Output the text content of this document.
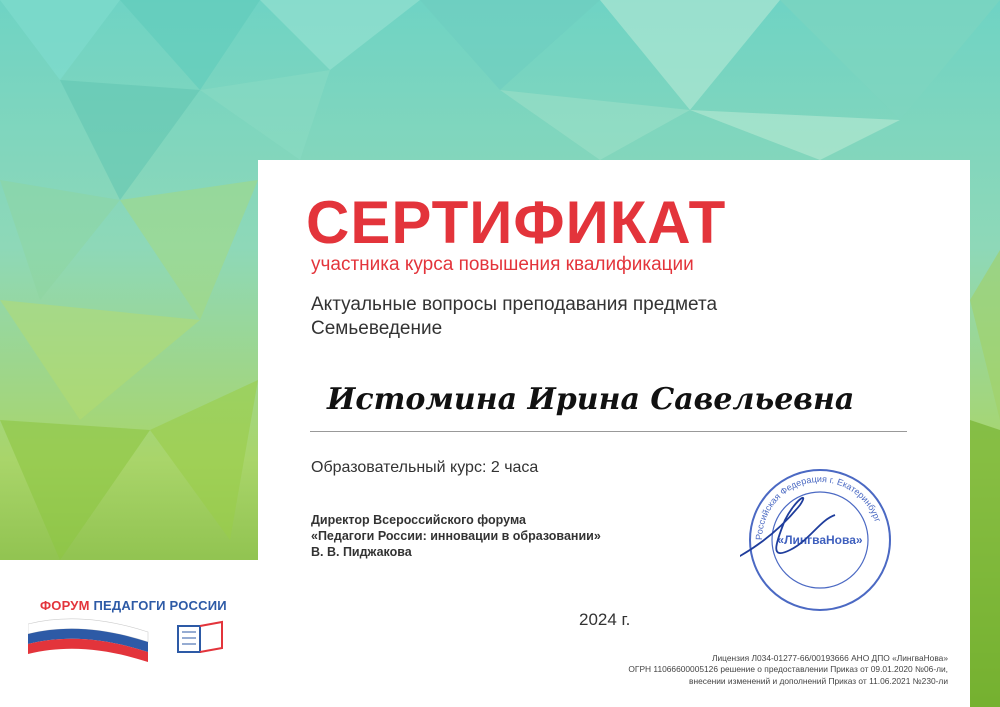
СЕРТИФИКАТ
участника курса повышения квалификации
Актуальные вопросы преподавания предмета
Семьеведение
Истомина Ирина Савельевна
Образовательный курс: 2 часа
Директор Всероссийского форума
«Педагоги России: инновации в образовании»
В. В. Пиджакова
Российская Федерация г. Екатеринбург
«ЛингваНова»
2024 г.
Лицензия Л034-01277-66/00193666 АНО ДПО «ЛингваНова»
ОГРН 11066600005126 решение о предоставлении Приказ от 09.01.2020 №06-ли,
внесении изменений и дополнений Приказ от 11.06.2021 №230-ли
ФОРУМ ПЕДАГОГИ РОССИИ
